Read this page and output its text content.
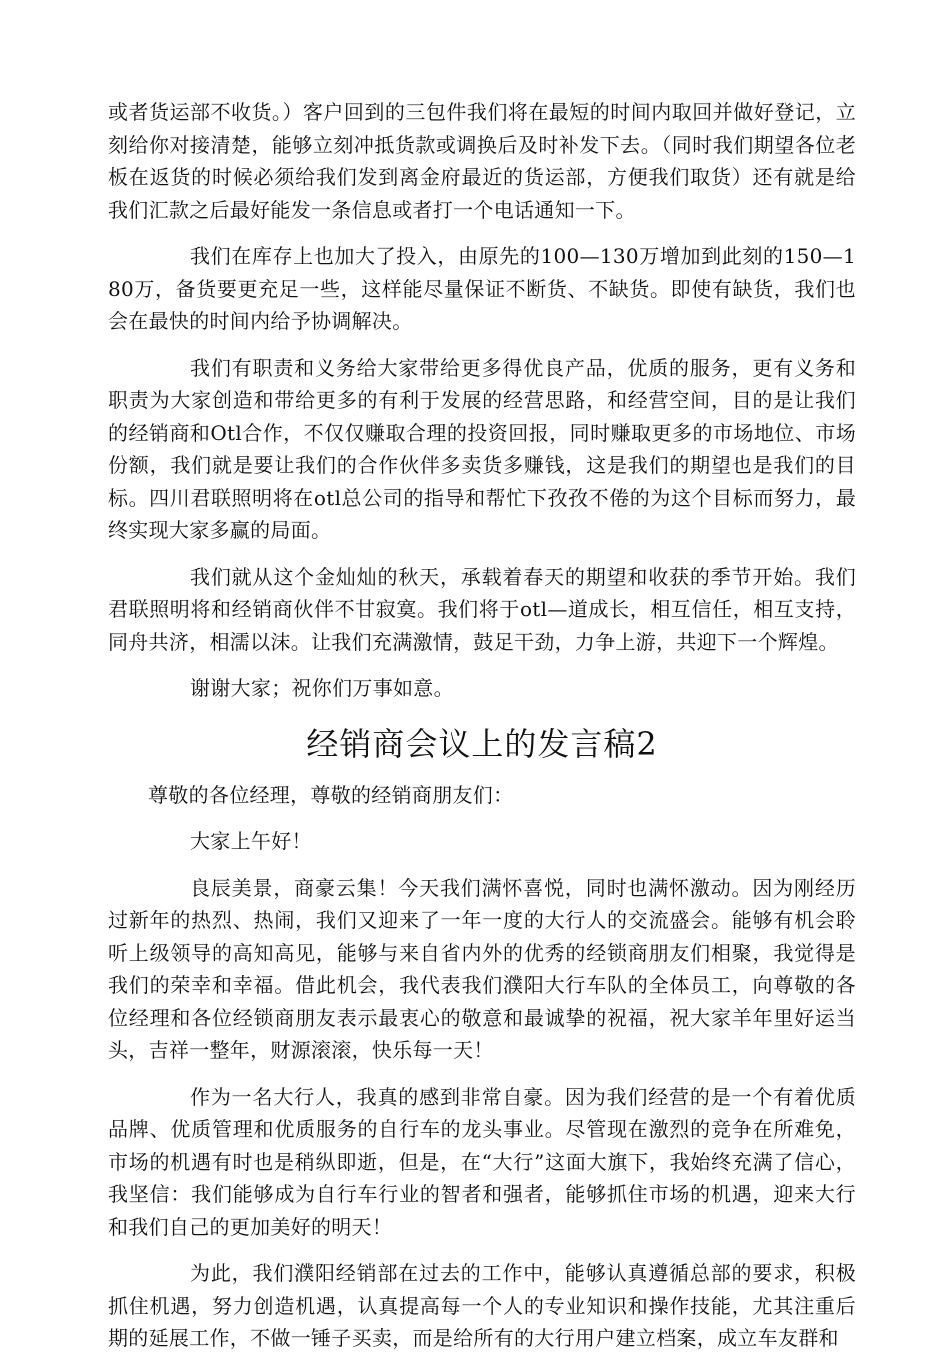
或者货运部不收货。）客户回到的三包件我们将在最短的时间内取回并做好登记，立刻给你对接清楚，能够立刻冲抵货款或调换后及时补发下去。（同时我们期望各位老板在返货的时候必须给我们发到离金府最近的货运部，方便我们取货）还有就是给我们汇款之后最好能发一条信息或者打一个电话通知一下。

我们在库存上也加大了投入，由原先的100—130万增加到此刻的150—180万，备货要更充足一些，这样能尽量保证不断货、不缺货。即使有缺货，我们也会在最快的时间内给予协调解决。

我们有职责和义务给大家带给更多得优良产品，优质的服务，更有义务和职责为大家创造和带给更多的有利于发展的经营思路，和经营空间，目的是让我们的经销商和Otl合作，不仅仅赚取合理的投资回报，同时赚取更多的市场地位、市场份额，我们就是要让我们的合作伙伴多卖货多赚钱，这是我们的期望也是我们的目标。四川君联照明将在otl总公司的指导和帮忙下孜孜不倦的为这个目标而努力，最终实现大家多赢的局面。

我们就从这个金灿灿的秋天，承载着春天的期望和收获的季节开始。我们君联照明将和经销商伙伴不甘寂寞。我们将于otl—道成长，相互信任，相互支持，同舟共济，相濡以沫。让我们充满激情，鼓足干劲，力争上游，共迎下一个辉煌。

谢谢大家；祝你们万事如意。

经销商会议上的发言稿2

尊敬的各位经理，尊敬的经销商朋友们：

大家上午好！

良辰美景，商豪云集！今天我们满怀喜悦，同时也满怀激动。因为刚经历过新年的热烈、热闹，我们又迎来了一年一度的大行人的交流盛会。能够有机会聆听上级领导的高知高见，能够与来自省内外的优秀的经锁商朋友们相聚，我觉得是我们的荣幸和幸福。借此机会，我代表我们濮阳大行车队的全体员工，向尊敬的各位经理和各位经锁商朋友表示最衷心的敬意和最诚挚的祝福，祝大家羊年里好运当头，吉祥一整年，财源滚滚，快乐每一天！

作为一名大行人，我真的感到非常自豪。因为我们经营的是一个有着优质品牌、优质管理和优质服务的自行车的龙头事业。尽管现在激烈的竞争在所难免，市场的机遇有时也是稍纵即逝，但是，在“大行”这面大旗下，我始终充满了信心，我坚信：我们能够成为自行车行业的智者和强者，能够抓住市场的机遇，迎来大行和我们自己的更加美好的明天！

为此，我们濮阳经销部在过去的工作中，能够认真遵循总部的要求，积极抓住机遇，努力创造机遇，认真提高每一个人的专业知识和操作技能，尤其注重后期的延展工作，不做一锤子买卖，而是给所有的大行用户建立档案，成立车友群和
